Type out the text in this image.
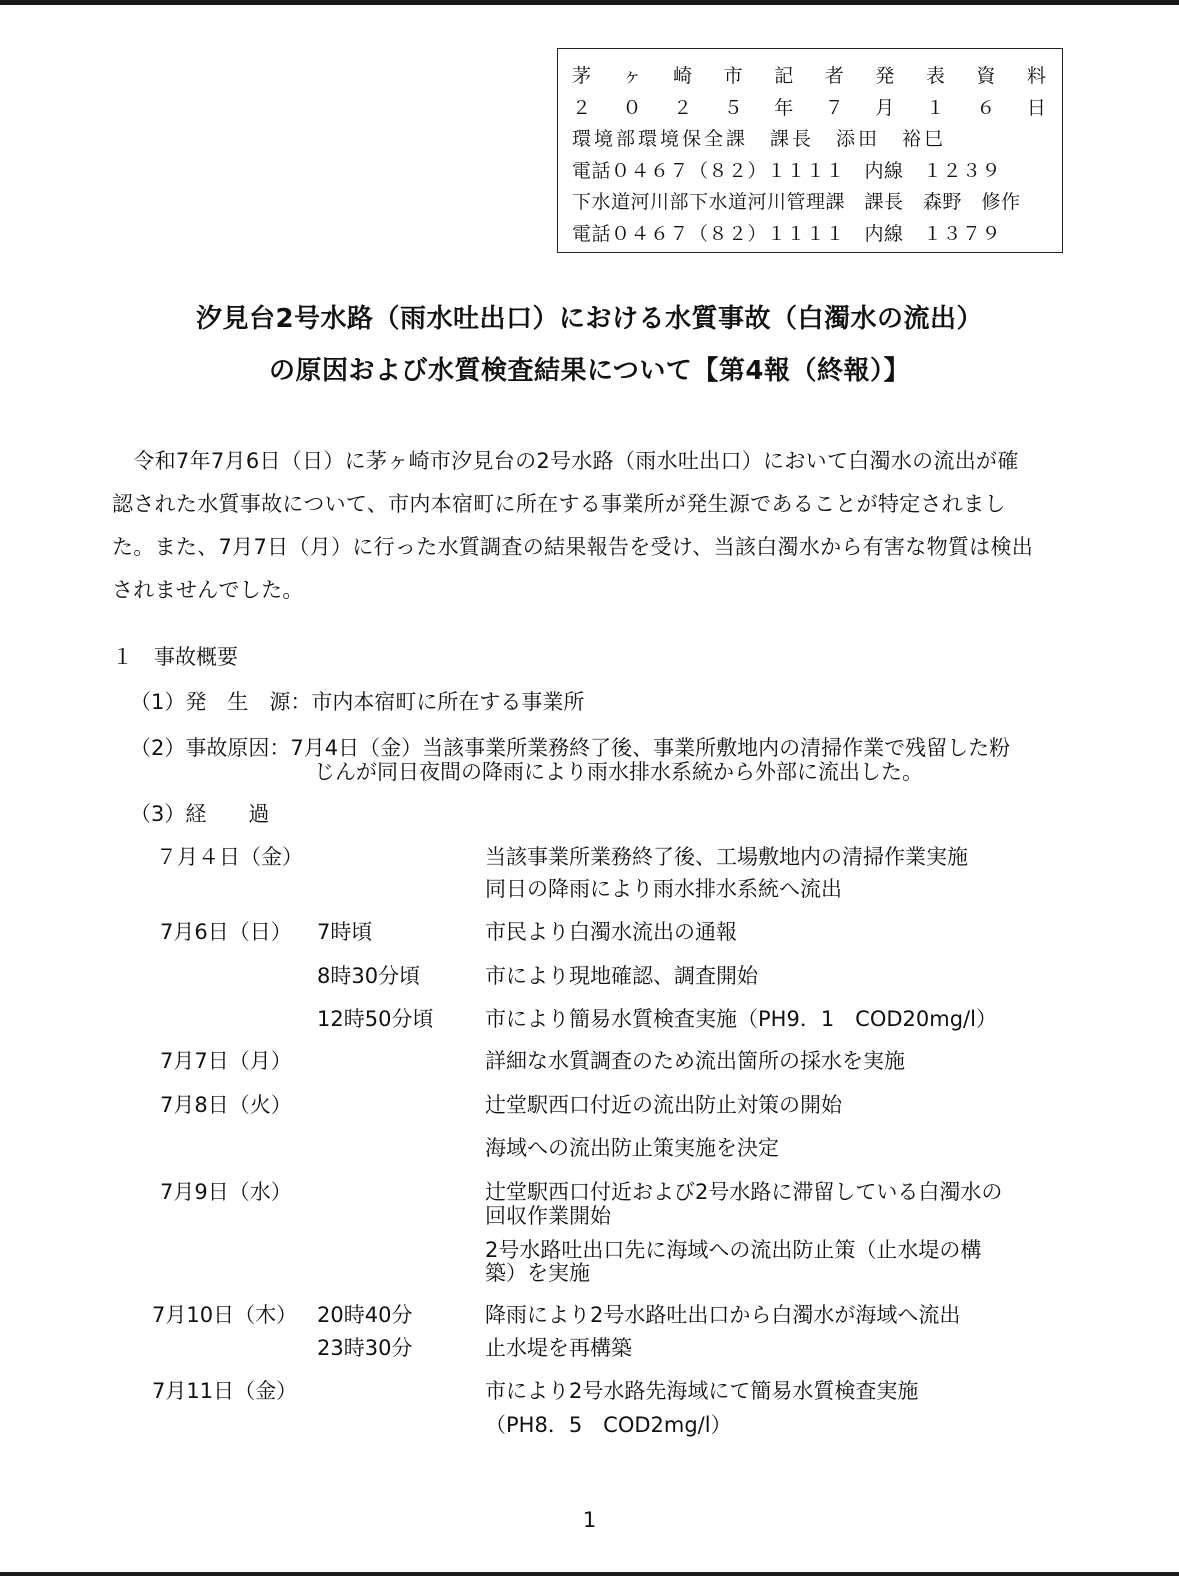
茅 ヶ 崎 市 記 者 発 表 資 料
２ ０ ２ ５ 年 ７ 月 １ ６ 日
環境部環境保全課　課長　添田　裕巳
電話０４６７（８２）１１１１　内線　１２３９
下水道河川部下水道河川管理課　課長　森野　修作
電話０４６７（８２）１１１１　内線　１３７９
汐見台2号水路（雨水吐出口）における水質事故（白濁水の流出）
の原因および水質検査結果について【第4報（終報）】
　令和7年7月6日（日）に茅ヶ崎市汐見台の2号水路（雨水吐出口）において白濁水の流出が確
認された水質事故について、市内本宿町に所在する事業所が発生源であることが特定されまし
た。また、7月7日（月）に行った水質調査の結果報告を受け、当該白濁水から有害な物質は検出
されませんでした。
１　事故概要
（1）発　生　源：市内本宿町に所在する事業所
（2）事故原因：7月4日（金）当該事業所業務終了後、事業所敷地内の清掃作業で残留した粉
じんが同日夜間の降雨により雨水排水系統から外部に流出した。
（3）経　　過
７月４日（金）	当該事業所業務終了後、工場敷地内の清掃作業実施
同日の降雨により雨水排水系統へ流出
7月6日（日） 7時頃	市民より白濁水流出の通報
8時30分頃	市により現地確認、調査開始
12時50分頃 市により簡易水質検査実施（PH9．1　COD20mg/l）
7月7日（月）	詳細な水質調査のため流出箇所の採水を実施
7月8日（火）	辻堂駅西口付近の流出防止対策の開始
海域への流出防止策実施を決定
7月9日（水）	辻堂駅西口付近および2号水路に滞留している白濁水の
回収作業開始
2号水路吐出口先に海域への流出防止策（止水堤の構
築）を実施
7月10日（木） 20時40分	降雨により2号水路吐出口から白濁水が海域へ流出
23時30分	止水堤を再構築
7月11日（金）	市により2号水路先海域にて簡易水質検査実施
（PH8．5　COD2mg/l）
1
